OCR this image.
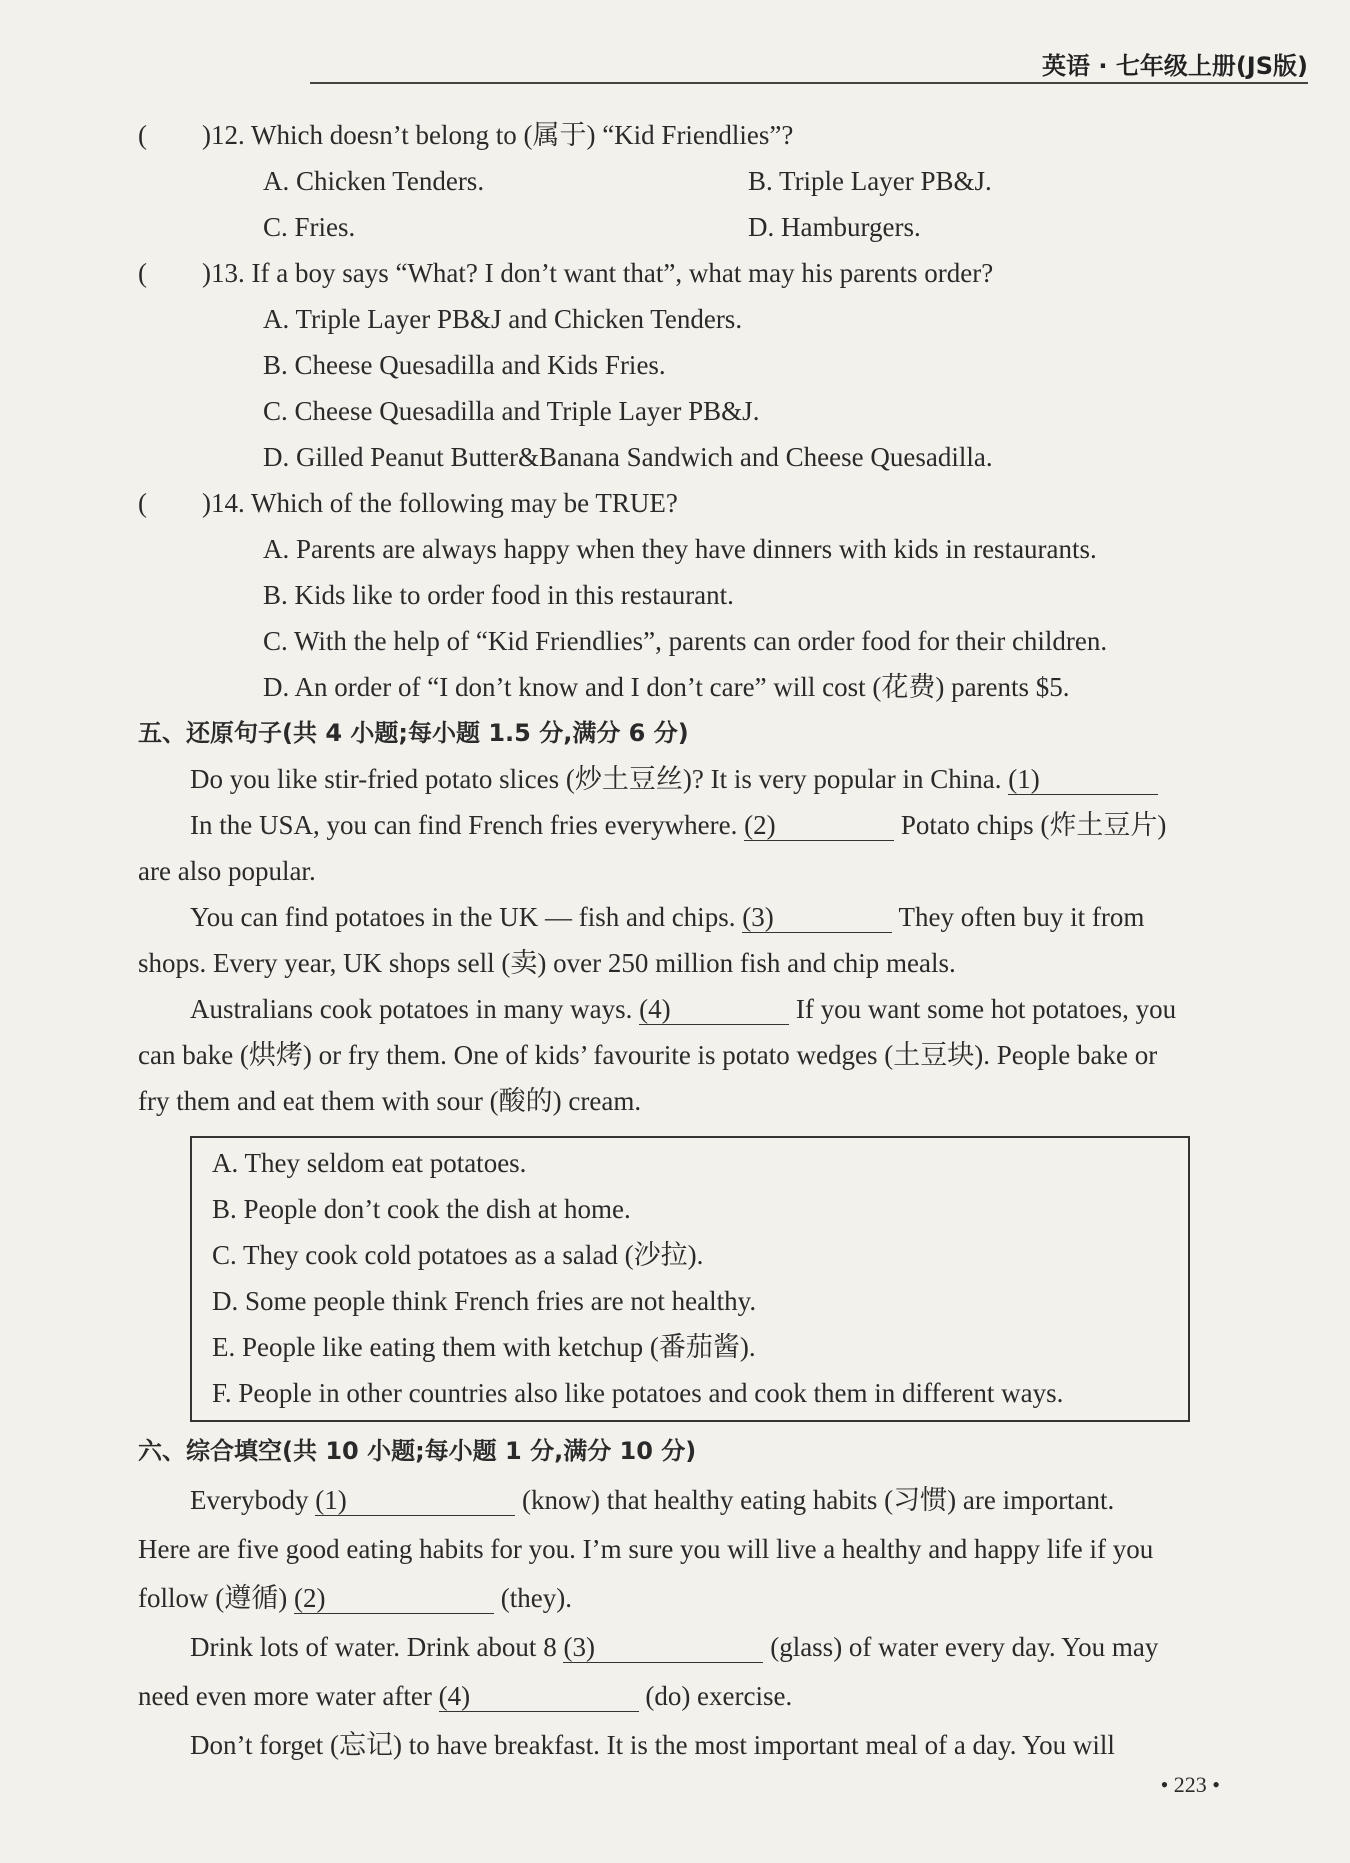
英语 · 七年级上册(JS版)
( )12. Which doesn’t belong to (属于) “Kid Friendlies”?
A. Chicken Tenders.	B. Triple Layer PB&J.
C. Fries.	D. Hamburgers.
( )13. If a boy says “What? I don’t want that”, what may his parents order?
A. Triple Layer PB&J and Chicken Tenders.
B. Cheese Quesadilla and Kids Fries.
C. Cheese Quesadilla and Triple Layer PB&J.
D. Gilled Peanut Butter&Banana Sandwich and Cheese Quesadilla.
( )14. Which of the following may be TRUE?
A. Parents are always happy when they have dinners with kids in restaurants.
B. Kids like to order food in this restaurant.
C. With the help of “Kid Friendlies”, parents can order food for their children.
D. An order of “I don’t know and I don’t care” will cost (花费) parents $5.
五、还原句子(共 4 小题;每小题 1.5 分,满分 6 分)
Do you like stir-fried potato slices (炒土豆丝)? It is very popular in China. (1)
In the USA, you can find French fries everywhere. (2)	Potato chips (炸土豆片)
are also popular.
You can find potatoes in the UK — fish and chips. (3)	They often buy it from
shops. Every year, UK shops sell (卖) over 250 million fish and chip meals.
Australians cook potatoes in many ways. (4)	If you want some hot potatoes, you
can bake (烘烤) or fry them. One of kids’ favourite is potato wedges (土豆块). People bake or
fry them and eat them with sour (酸的) cream.
A. They seldom eat potatoes.
B. People don’t cook the dish at home.
C. They cook cold potatoes as a salad (沙拉).
D. Some people think French fries are not healthy.
E. People like eating them with ketchup (番茄酱).
F. People in other countries also like potatoes and cook them in different ways.
六、综合填空(共 10 小题;每小题 1 分,满分 10 分)
Everybody (1)	(know) that healthy eating habits (习惯) are important.
Here are five good eating habits for you. I’m sure you will live a healthy and happy life if you
follow (遵循) (2)	(they).
Drink lots of water. Drink about 8 (3)	(glass) of water every day. You may
need even more water after (4)	(do) exercise.
Don’t forget (忘记) to have breakfast. It is the most important meal of a day. You will
• 223 •
